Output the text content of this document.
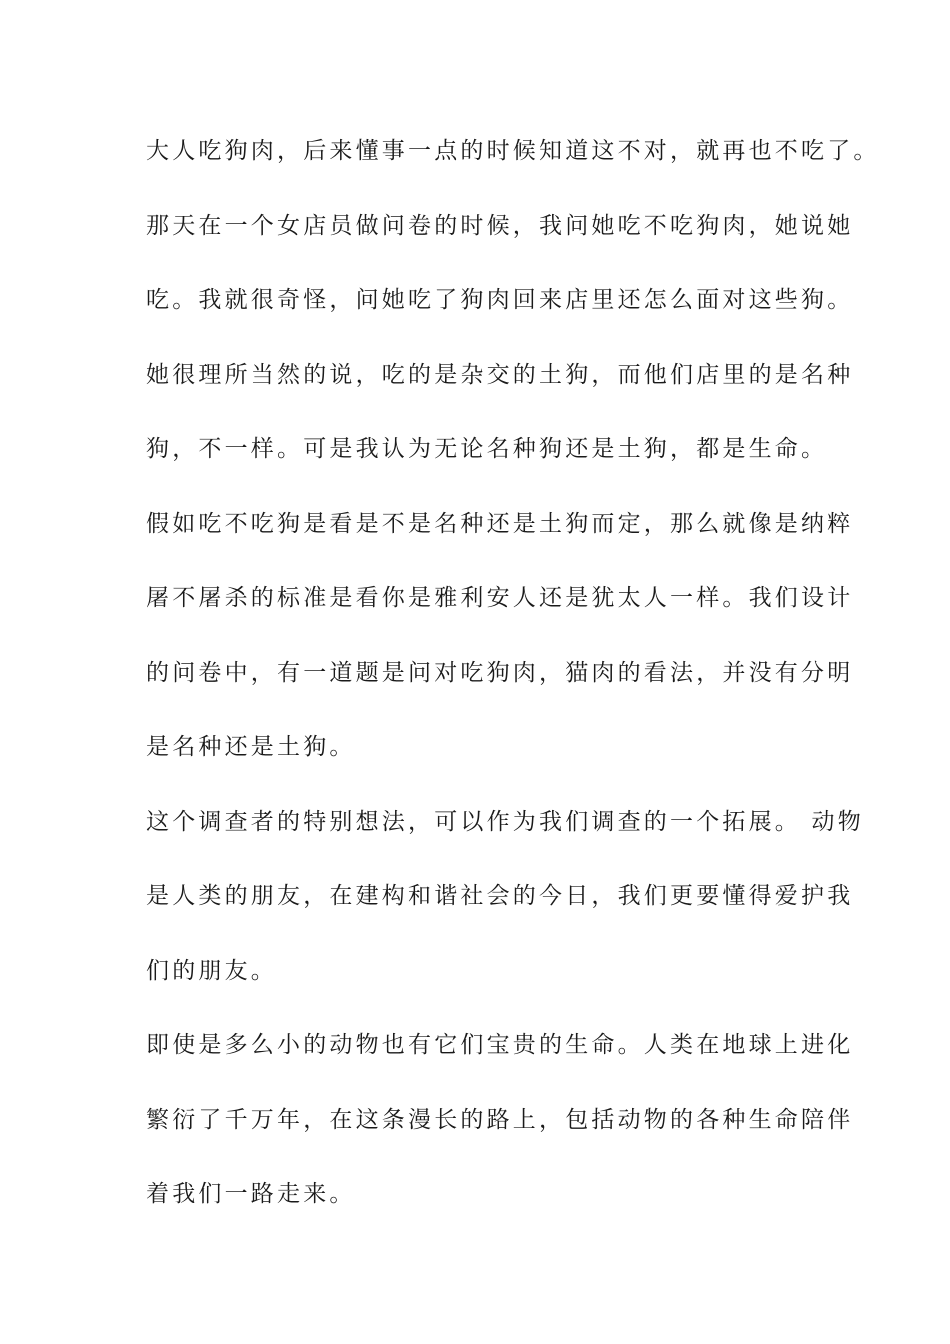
大人吃狗肉，后来懂事一点的时候知道这不对，就再也不吃了。
那天在一个女店员做问卷的时候，我问她吃不吃狗肉，她说她
吃。我就很奇怪，问她吃了狗肉回来店里还怎么面对这些狗。
她很理所当然的说，吃的是杂交的土狗，而他们店里的是名种
狗，不一样。可是我认为无论名种狗还是土狗，都是生命。
假如吃不吃狗是看是不是名种还是土狗而定，那么就像是纳粹
屠不屠杀的标准是看你是雅利安人还是犹太人一样。我们设计
的问卷中，有一道题是问对吃狗肉，猫肉的看法，并没有分明
是名种还是土狗。
这个调查者的特别想法，可以作为我们调查的一个拓展。 动物
是人类的朋友，在建构和谐社会的今日，我们更要懂得爱护我
们的朋友。
即使是多么小的动物也有它们宝贵的生命。人类在地球上进化
繁衍了千万年，在这条漫长的路上，包括动物的各种生命陪伴
着我们一路走来。
